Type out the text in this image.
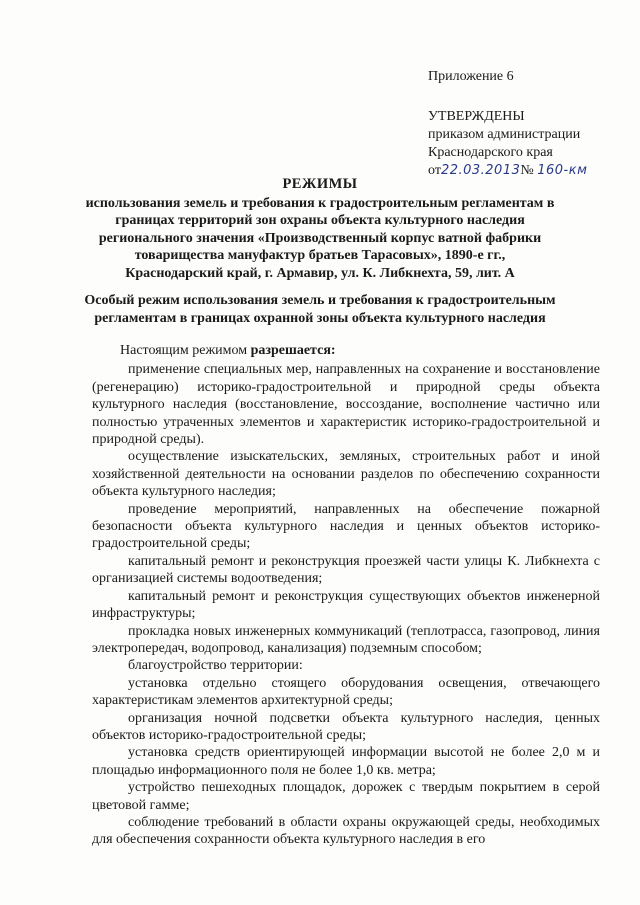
Приложение 6
УТВЕРЖДЕНЫ
приказом администрации
Краснодарского края
от22.03.2013№ 160-км
РЕЖИМЫ
использования земель и требования к градостроительным регламентам в
границах территорий зон охраны объекта культурного наследия
регионального значения «Производственный корпус ватной фабрики
товарищества мануфактур братьев Тарасовых», 1890-е гг.,
Краснодарский край, г. Армавир, ул. К. Либкнехта, 59, лит. А
Особый режим использования земель и требования к градостроительным
регламентам в границах охранной зоны объекта культурного наследия

Настоящим режимом разрешается:

применение специальных мер, направленных на сохранение и восстановление (регенерацию) историко-градостроительной и природной среды объекта культурного наследия (восстановление, воссоздание, восполнение частично или полностью утраченных элементов и характеристик историко-градостроительной и природной среды).

осуществление изыскательских, земляных, строительных работ и иной хозяйственной деятельности на основании разделов по обеспечению сохранности объекта культурного наследия;

проведение мероприятий, направленных на обеспечение пожарной безопасности объекта культурного наследия и ценных объектов историко-градостроительной среды;

капитальный ремонт и реконструкция проезжей части улицы К. Либкнехта с организацией системы водоотведения;

капитальный ремонт и реконструкция существующих объектов инженерной инфраструктуры;

прокладка новых инженерных коммуникаций (теплотрасса, газопровод, линия электропередач, водопровод, канализация) подземным способом;

благоустройство территории:

установка отдельно стоящего оборудования освещения, отвечающего характеристикам элементов архитектурной среды;

организация ночной подсветки объекта культурного наследия, ценных объектов историко-градостроительной среды;

установка средств ориентирующей информации высотой не более 2,0 м и площадью информационного поля не более 1,0 кв. метра;

устройство пешеходных площадок, дорожек с твердым покрытием в серой цветовой гамме;

соблюдение требований в области охраны окружающей среды, необходимых для обеспечения сохранности объекта культурного наследия в его
